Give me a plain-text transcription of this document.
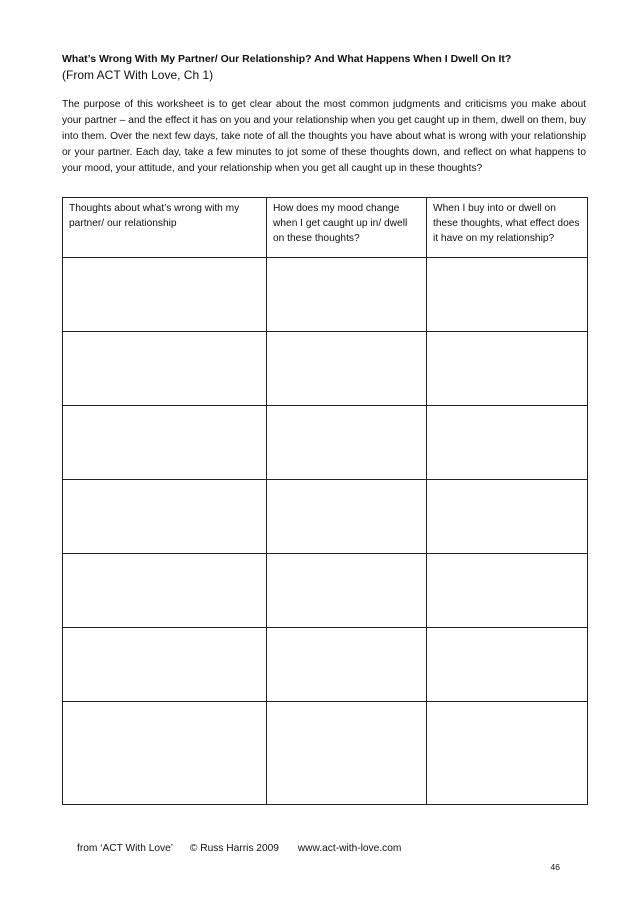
What’s Wrong With My Partner/ Our Relationship? And What Happens When I Dwell On It?
(From ACT With Love, Ch 1)
The purpose of this worksheet is to get clear about the most common judgments and criticisms you make about your partner – and the effect it has on you and your relationship when you get caught up in them, dwell on them, buy into them. Over the next few days, take note of all the thoughts you have about what is wrong with your relationship or your partner. Each day, take a few minutes to jot some of these thoughts down, and reflect on what happens to your mood, your attitude, and your relationship when you get all caught up in these thoughts?
Thoughts about what’s wrong with my partner/ our relationship	How does my mood change when I get caught up in/ dwell on these thoughts?	When I buy into or dwell on these thoughts, what effect does it have on my relationship?

from ‘ACT With Love’ © Russ Harris 2009 www.act-with-love.com
46
